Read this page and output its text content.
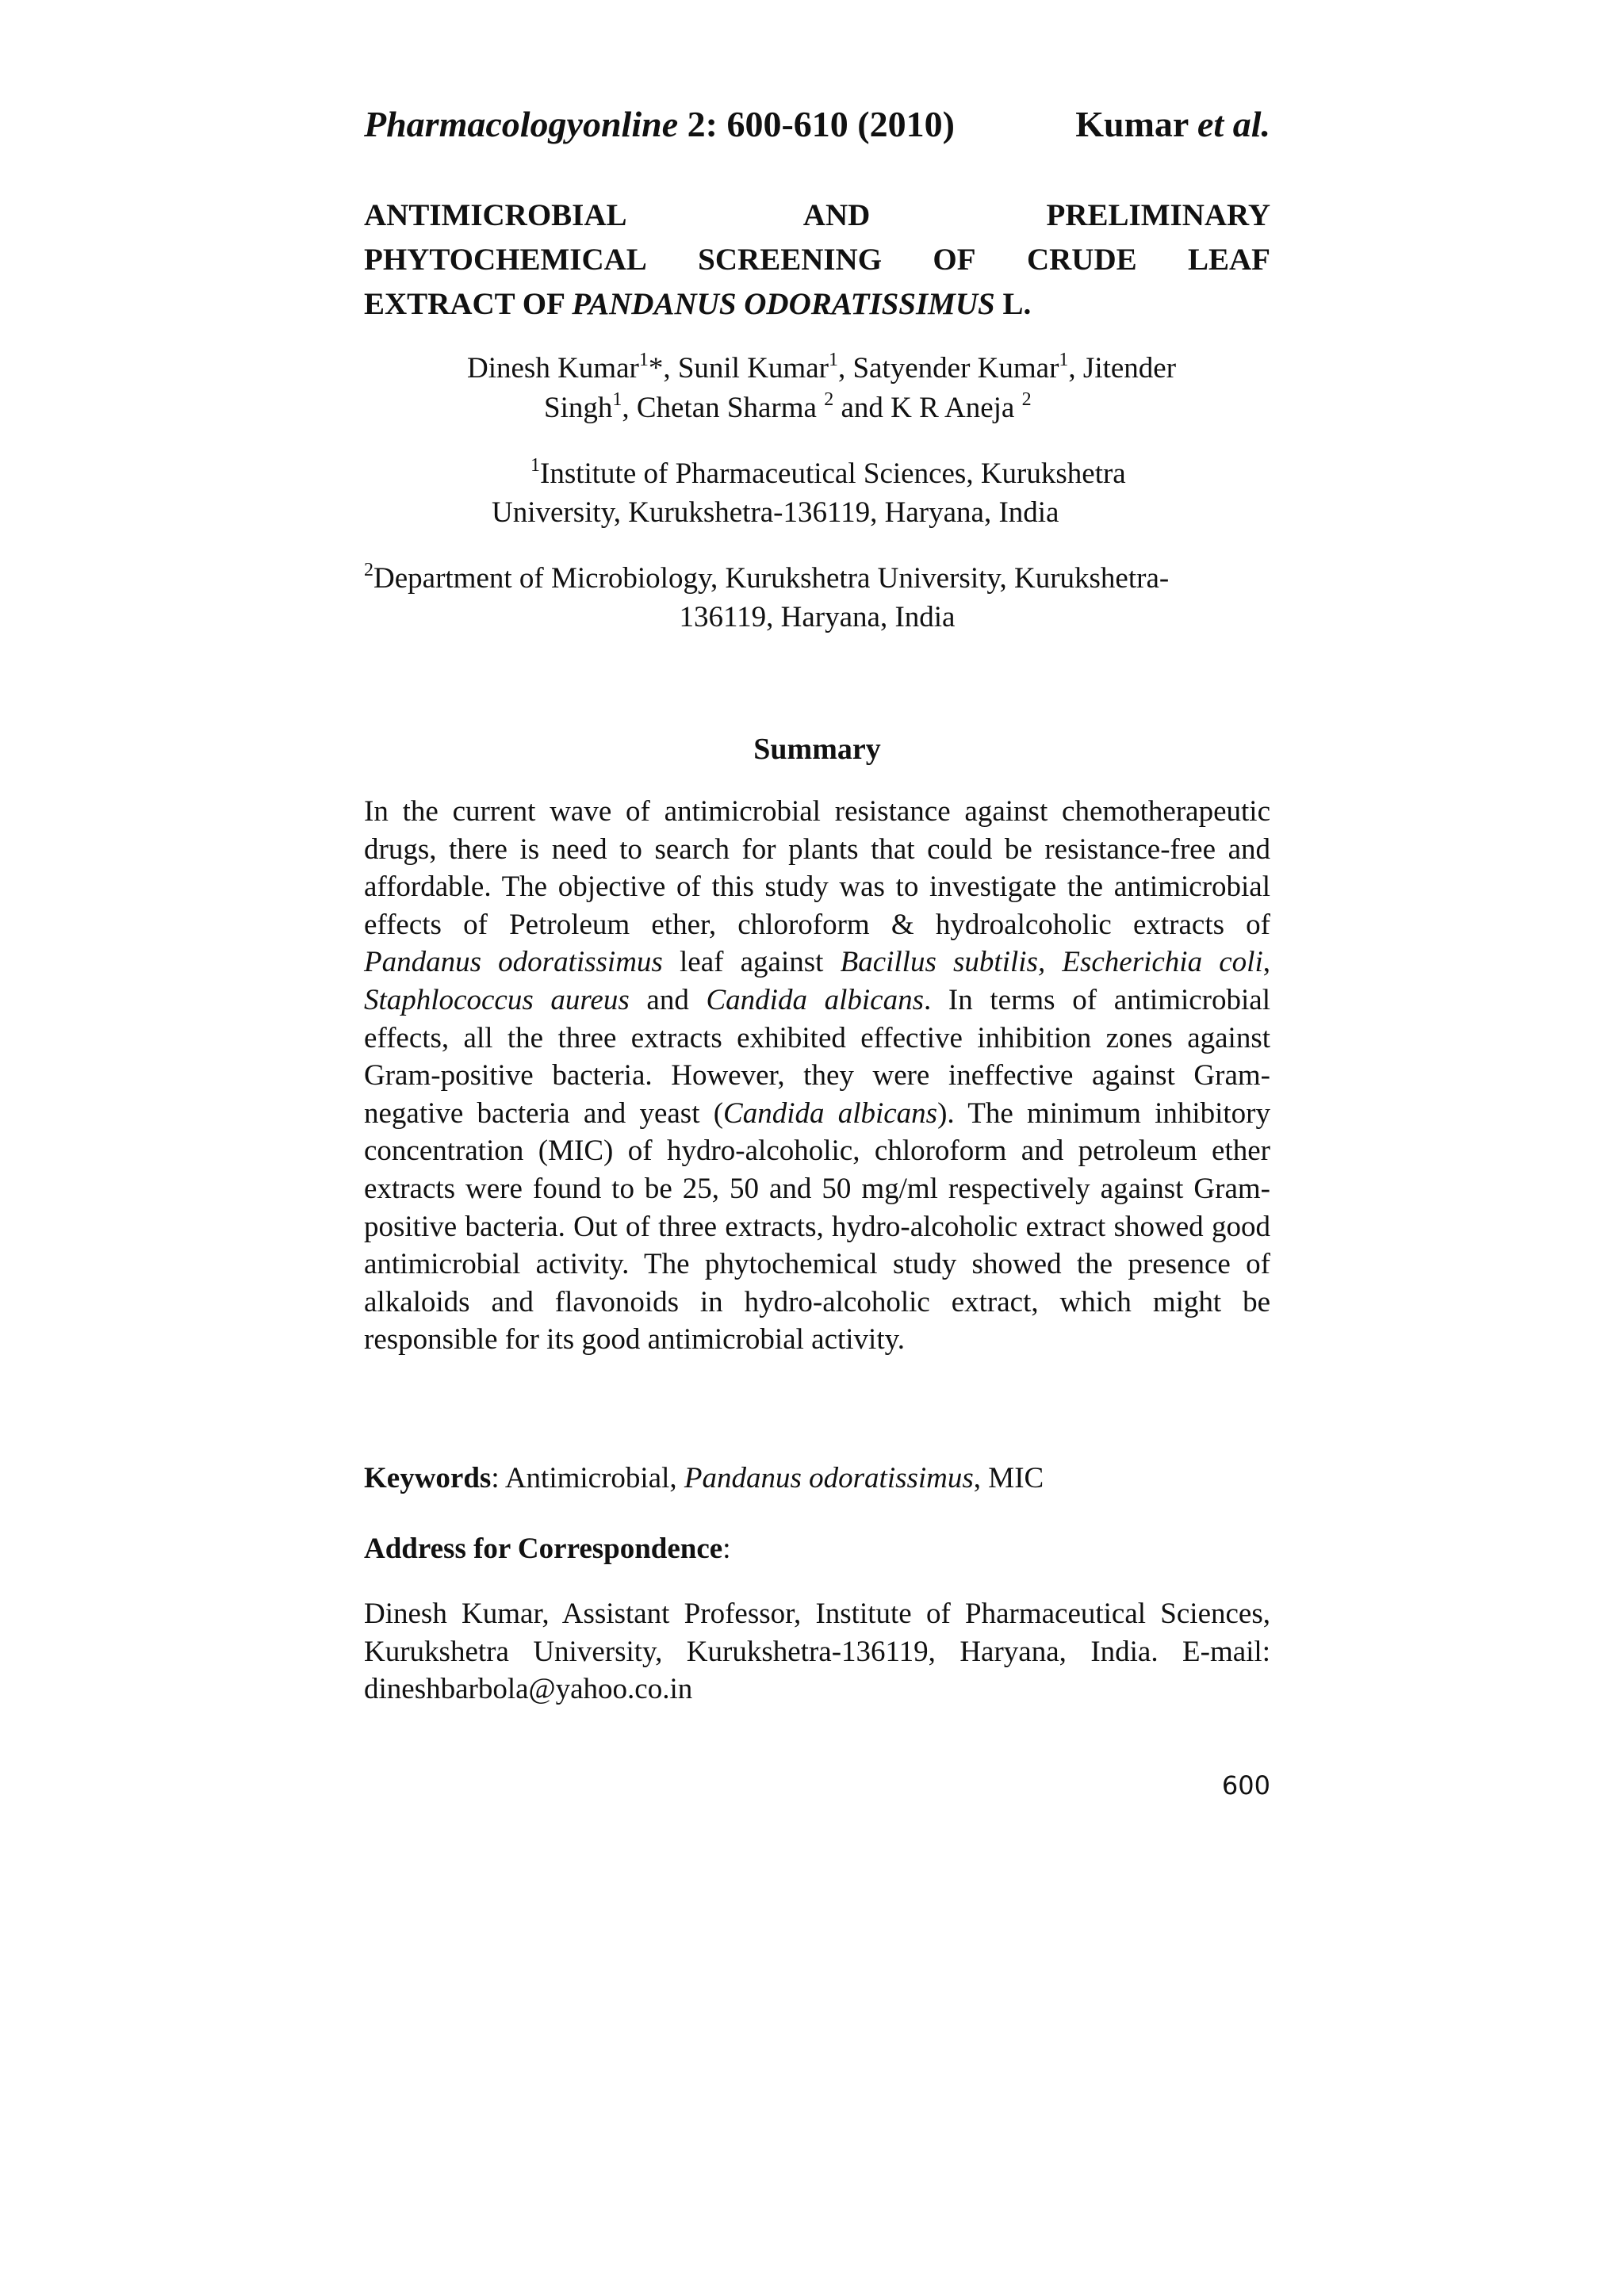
Pharmacologyonline 2: 600-610 (2010)	Kumar et al.
ANTIMICROBIAL	AND	PRELIMINARY
PHYTOCHEMICAL SCREENING OF CRUDE LEAF
EXTRACT OF PANDANUS ODORATISSIMUS L.
Dinesh Kumar$^1$*, Sunil Kumar$^1$, Satyender Kumar$^1$, Jitender
Singh$^1$, Chetan Sharma $^2$ and K R Aneja $^2$
$^1$Institute of Pharmaceutical Sciences, Kurukshetra
University, Kurukshetra-136119, Haryana, India
$^2$Department of Microbiology, Kurukshetra University, Kurukshetra-
136119, Haryana, India
Summary
In the current wave of antimicrobial resistance against chemotherapeutic drugs, there is need to search for plants that could be resistance-free and affordable. The objective of this study was to investigate the antimicrobial effects of Petroleum ether, chloroform & hydroalcoholic extracts of Pandanus odoratissimus leaf against Bacillus subtilis, Escherichia coli, Staphlococcus aureus and Candida albicans. In terms of antimicrobial effects, all the three extracts exhibited effective inhibition zones against Gram-positive bacteria. However, they were ineffective against Gram-negative bacteria and yeast (Candida albicans). The minimum inhibitory concentration (MIC) of hydro-alcoholic, chloroform and petroleum ether extracts were found to be 25, 50 and 50 mg/ml respectively against Gram-positive bacteria. Out of three extracts, hydro-alcoholic extract showed good antimicrobial activity. The phytochemical study showed the presence of alkaloids and flavonoids in hydro-alcoholic extract, which might be responsible for its good antimicrobial activity.
Keywords: Antimicrobial, Pandanus odoratissimus, MIC
Address for Correspondence:
Dinesh Kumar, Assistant Professor, Institute of Pharmaceutical Sciences, Kurukshetra University, Kurukshetra-136119, Haryana, India. E-mail: dineshbarbola@yahoo.co.in
600
